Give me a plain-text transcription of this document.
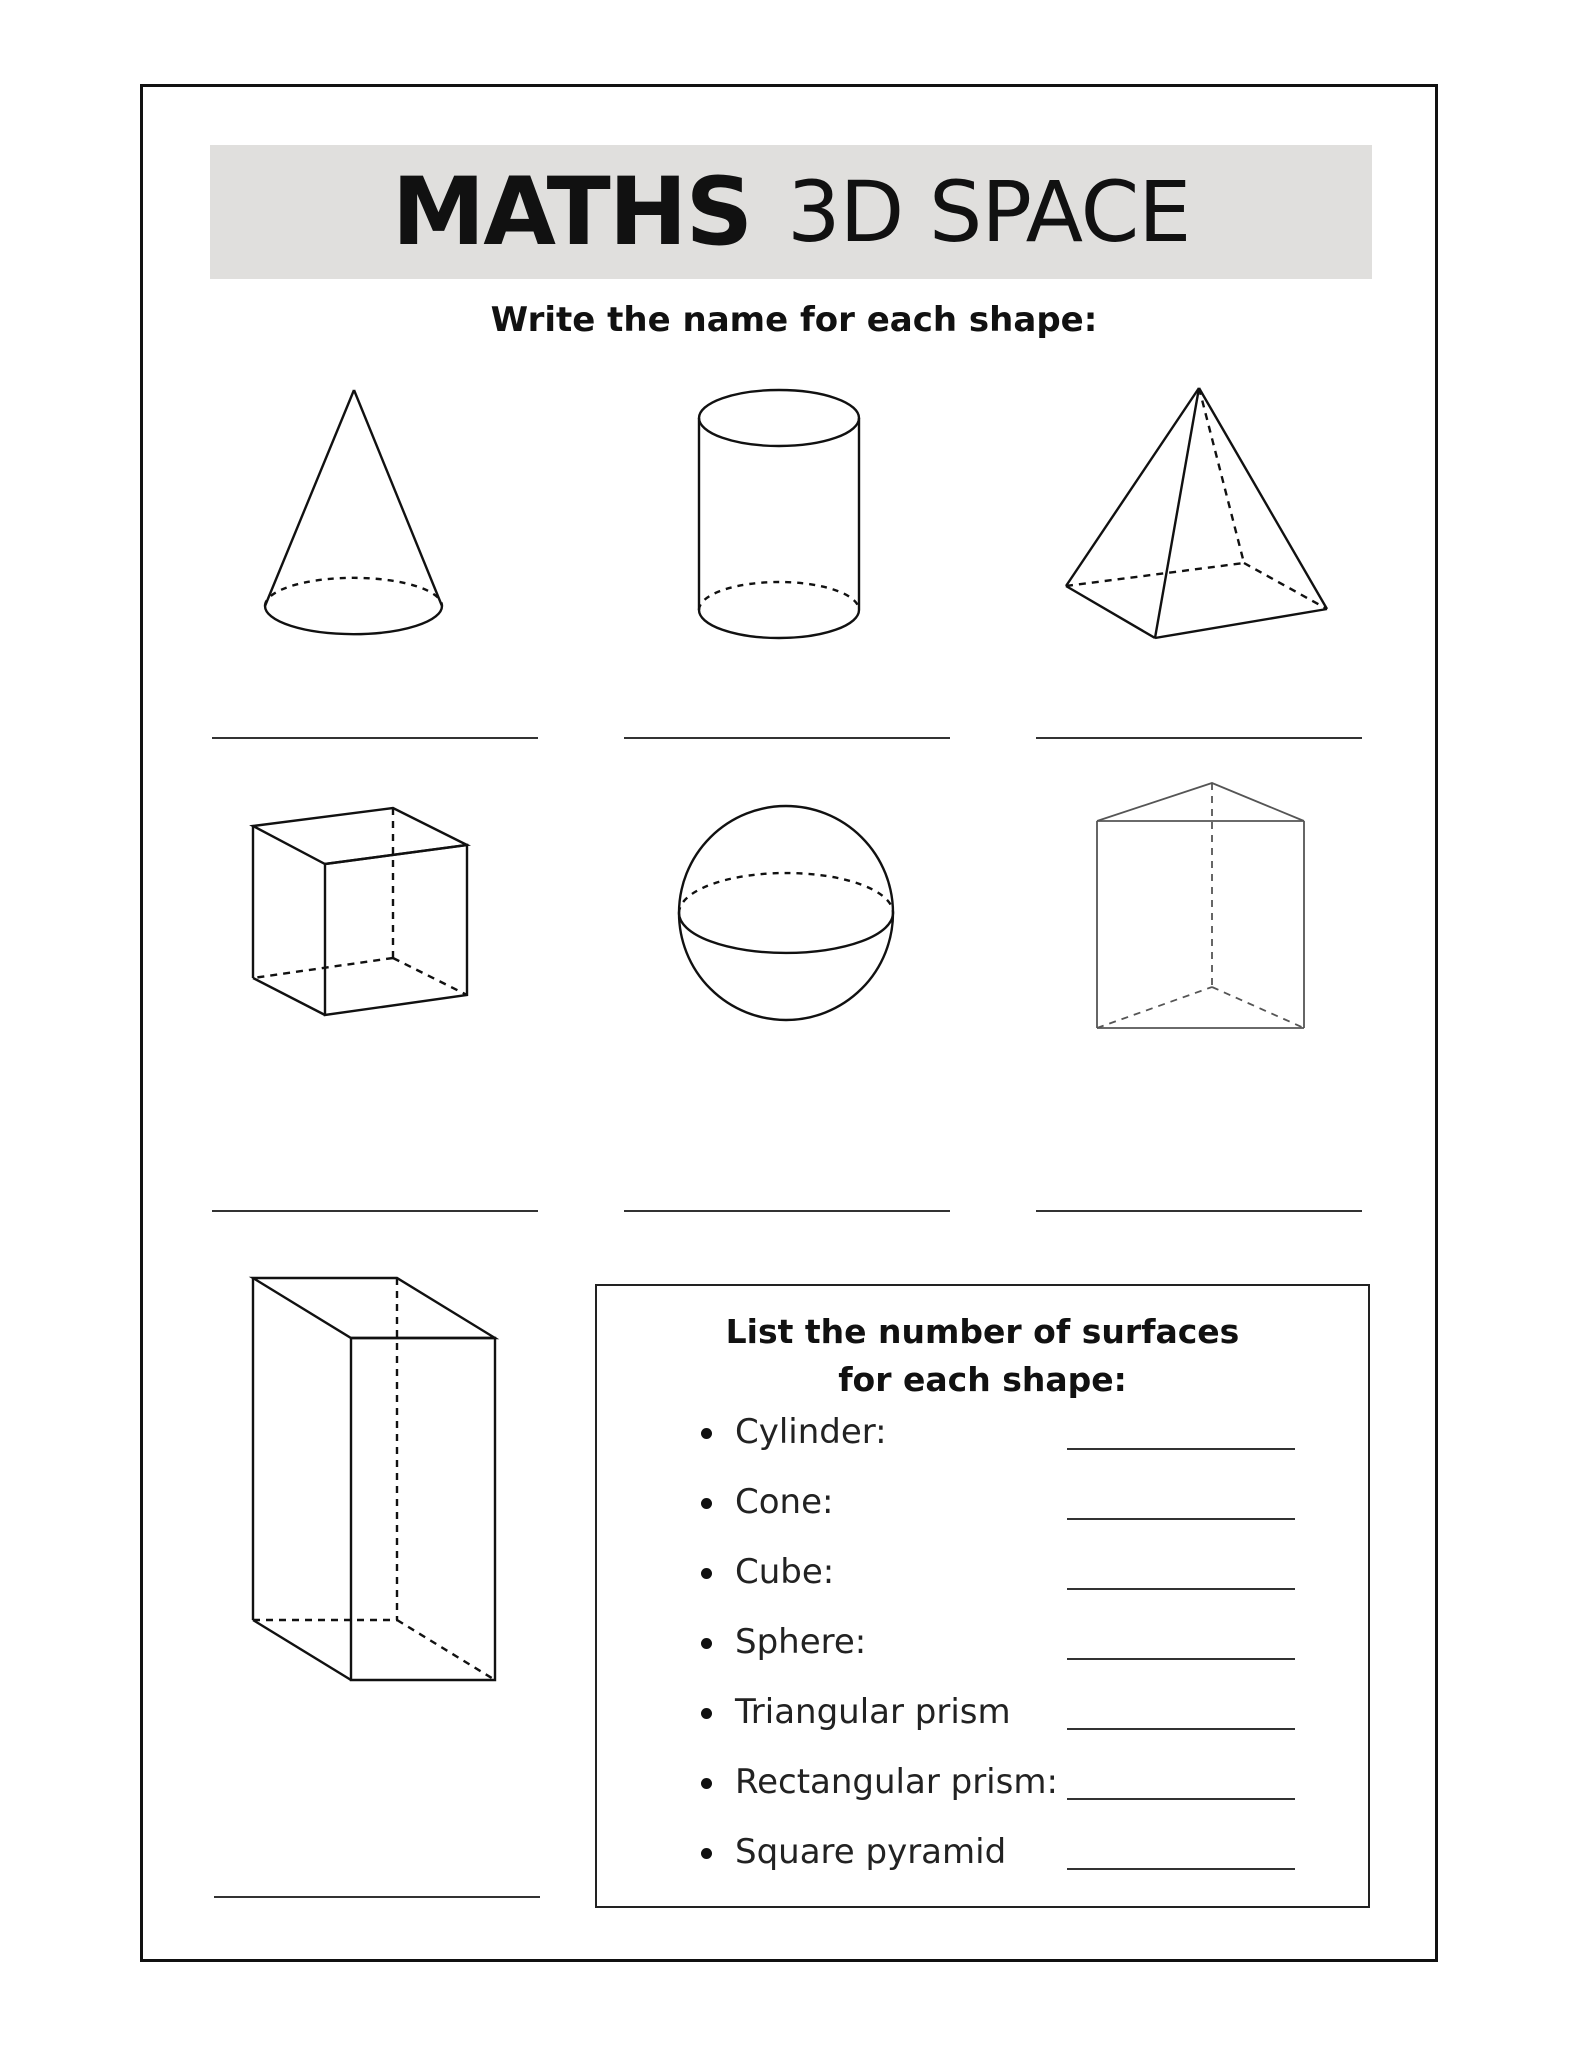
MATHS 3D SPACE
Write the name for each shape:
List the number of surfaces
for each shape:
Cylinder:
Cone:
Cube:
Sphere:
Triangular prism
Rectangular prism:
Square pyramid
